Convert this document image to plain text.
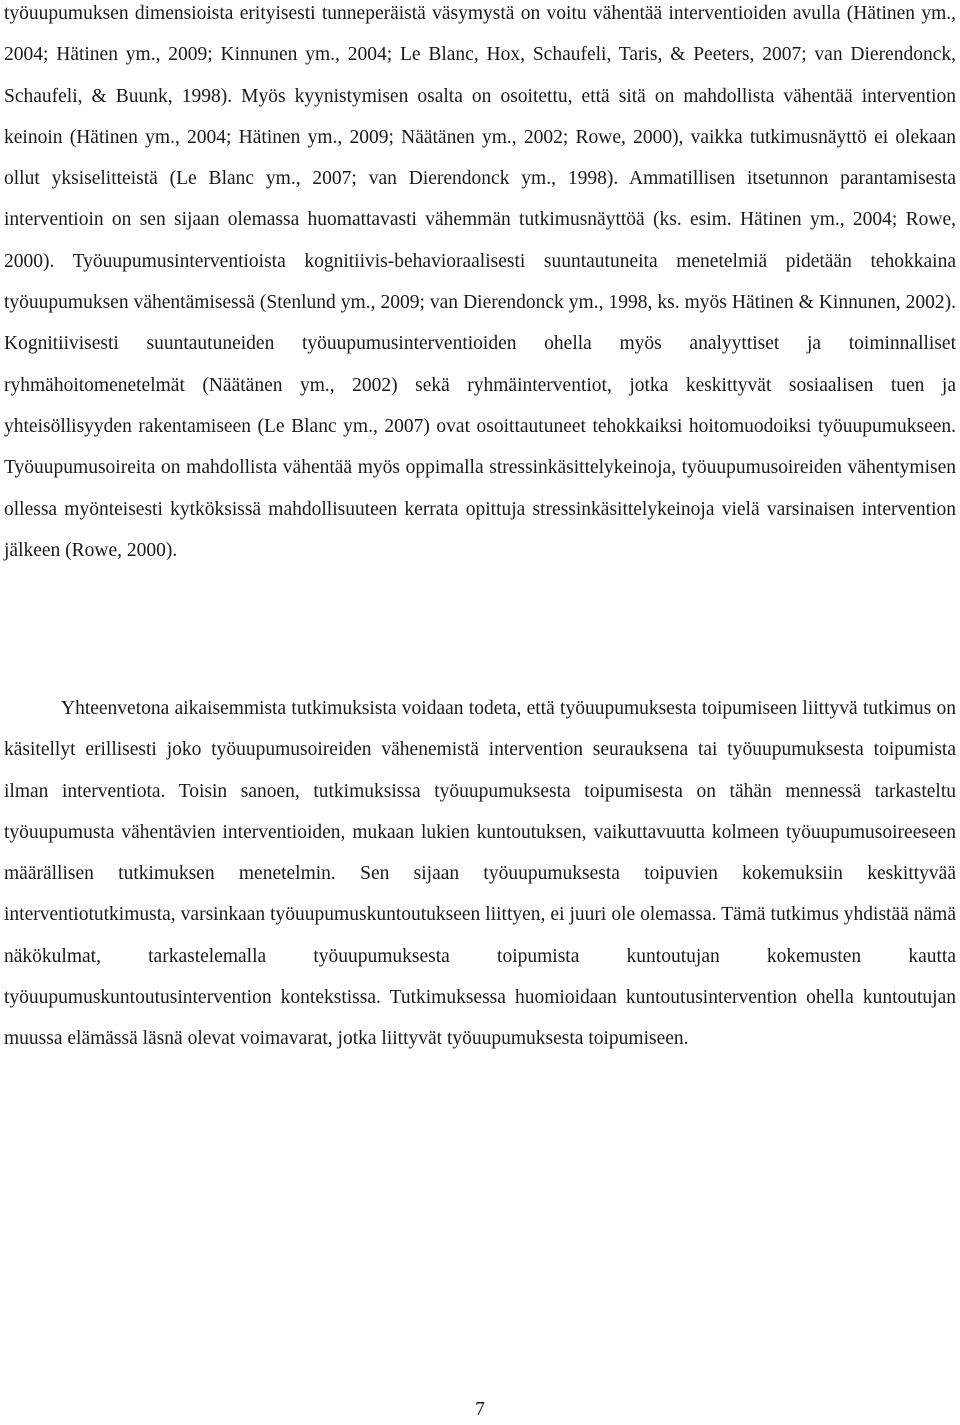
työuupumuksen dimensioista erityisesti tunneperäistä väsymystä on voitu vähentää interventioiden avulla (Hätinen ym., 2004; Hätinen ym., 2009; Kinnunen ym., 2004; Le Blanc, Hox, Schaufeli, Taris, & Peeters, 2007; van Dierendonck, Schaufeli, & Buunk, 1998). Myös kyynistymisen osalta on osoitettu, että sitä on mahdollista vähentää intervention keinoin (Hätinen ym., 2004; Hätinen ym., 2009; Näätänen ym., 2002; Rowe, 2000), vaikka tutkimusnäyttö ei olekaan ollut yksiselitteistä (Le Blanc ym., 2007; van Dierendonck ym., 1998). Ammatillisen itsetunnon parantamisesta interventioin on sen sijaan olemassa huomattavasti vähemmän tutkimusnäyttöä (ks. esim. Hätinen ym., 2004; Rowe, 2000). Työuupumusinterventioista kognitiivis-behavioraalisesti suuntautuneita menetelmiä pidetään tehokkaina työuupumuksen vähentämisessä (Stenlund ym., 2009; van Dierendonck ym., 1998, ks. myös Hätinen & Kinnunen, 2002). Kognitiivisesti suuntautuneiden työuupumusinterventioiden ohella myös analyyttiset ja toiminnalliset ryhmähoitomenetelmät (Näätänen ym., 2002) sekä ryhmäinterventiot, jotka keskittyvät sosiaalisen tuen ja yhteisöllisyyden rakentamiseen (Le Blanc ym., 2007) ovat osoittautuneet tehokkaiksi hoitomuodoiksi työuupumukseen. Työuupumusoireita on mahdollista vähentää myös oppimalla stressinkäsittelykeinoja, työuupumusoireiden vähentymisen ollessa myönteisesti kytköksissä mahdollisuuteen kerrata opittuja stressinkäsittelykeinoja vielä varsinaisen intervention jälkeen (Rowe, 2000).

Yhteenvetona aikaisemmista tutkimuksista voidaan todeta, että työuupumuksesta toipumiseen liittyvä tutkimus on käsitellyt erillisesti joko työuupumusoireiden vähenemistä intervention seurauksena tai työuupumuksesta toipumista ilman interventiota. Toisin sanoen, tutkimuksissa työuupumuksesta toipumisesta on tähän mennessä tarkasteltu työuupumusta vähentävien interventioiden, mukaan lukien kuntoutuksen, vaikuttavuutta kolmeen työuupumusoireeseen määrällisen tutkimuksen menetelmin. Sen sijaan työuupumuksesta toipuvien kokemuksiin keskittyvää interventiotutkimusta, varsinkaan työuupumuskuntoutukseen liittyen, ei juuri ole olemassa. Tämä tutkimus yhdistää nämä näkökulmat, tarkastelemalla työuupumuksesta toipumista kuntoutujan kokemusten kautta työuupumuskuntoutusintervention kontekstissa. Tutkimuksessa huomioidaan kuntoutusintervention ohella kuntoutujan muussa elämässä läsnä olevat voimavarat, jotka liittyvät työuupumuksesta toipumiseen.

7
